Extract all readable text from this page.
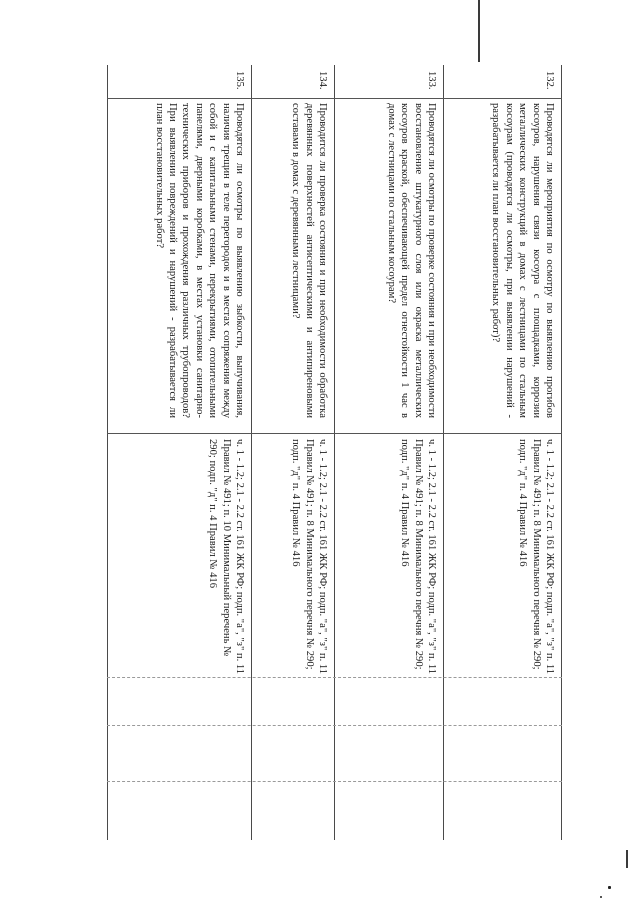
132.
Проводятся ли мероприятия по осмотру по выявлению прогибов косоуров, нарушения связи косоура с площадками, коррозии металлических конструкций в домах с лестницами по стальным косоурам (проводятся ли осмотры, при выявлении нарушений - разрабатывается ли план восстановительных работ)?
ч. 1 - 1.2; 2.1 - 2.2 ст. 161 ЖК РФ; подп. "а", "з" п. 11 Правил № 491; п. 8 Минимального перечня № 290; подп. "д" п. 4 Правил № 416
133.
Проводятся ли осмотры по проверке состояния и при необходимости восстановление штукатурного слоя или окраска металлических косоуров краской, обеспечивающей предел огнестойкости 1 час в домах с лестницами по стальным косоурам?
ч. 1 - 1.2; 2.1 - 2.2 ст. 161 ЖК РФ; подп. "а", "з" п. 11 Правил № 491; п. 8 Минимального перечня № 290; подп. "д" п. 4 Правил № 416
134.
Проводится ли проверка состояния и при необходимости обработка деревянных поверхностей антисептическими и антипиреновыми составами в домах с деревянными лестницами?
ч. 1 - 1.2; 2.1 - 2.2 ст. 161 ЖК РФ; подп. "а", "з" п. 11 Правил № 491; п. 8 Минимального перечня № 290; подп. "д" п. 4 Правил № 416
135.
Проводятся ли осмотры по выявлению зыбкости, выпучивания, наличия трещин в теле перегородок и в местах сопряжения между собой и с капитальными стенами, перекрытиями, отопительными панелями, дверными коробками, в местах установки санитарно-технических приборов и прохождения различных трубопроводов? При выявлении повреждений и нарушений - разрабатывается ли план восстановительных работ?
ч. 1 - 1.2; 2.1 - 2.2 ст. 161 ЖК РФ; подп. "а", "з" п. 11 Правил № 491; п. 10 Минимальный перечень № 290; подп. "д" п. 4 Правил № 416
